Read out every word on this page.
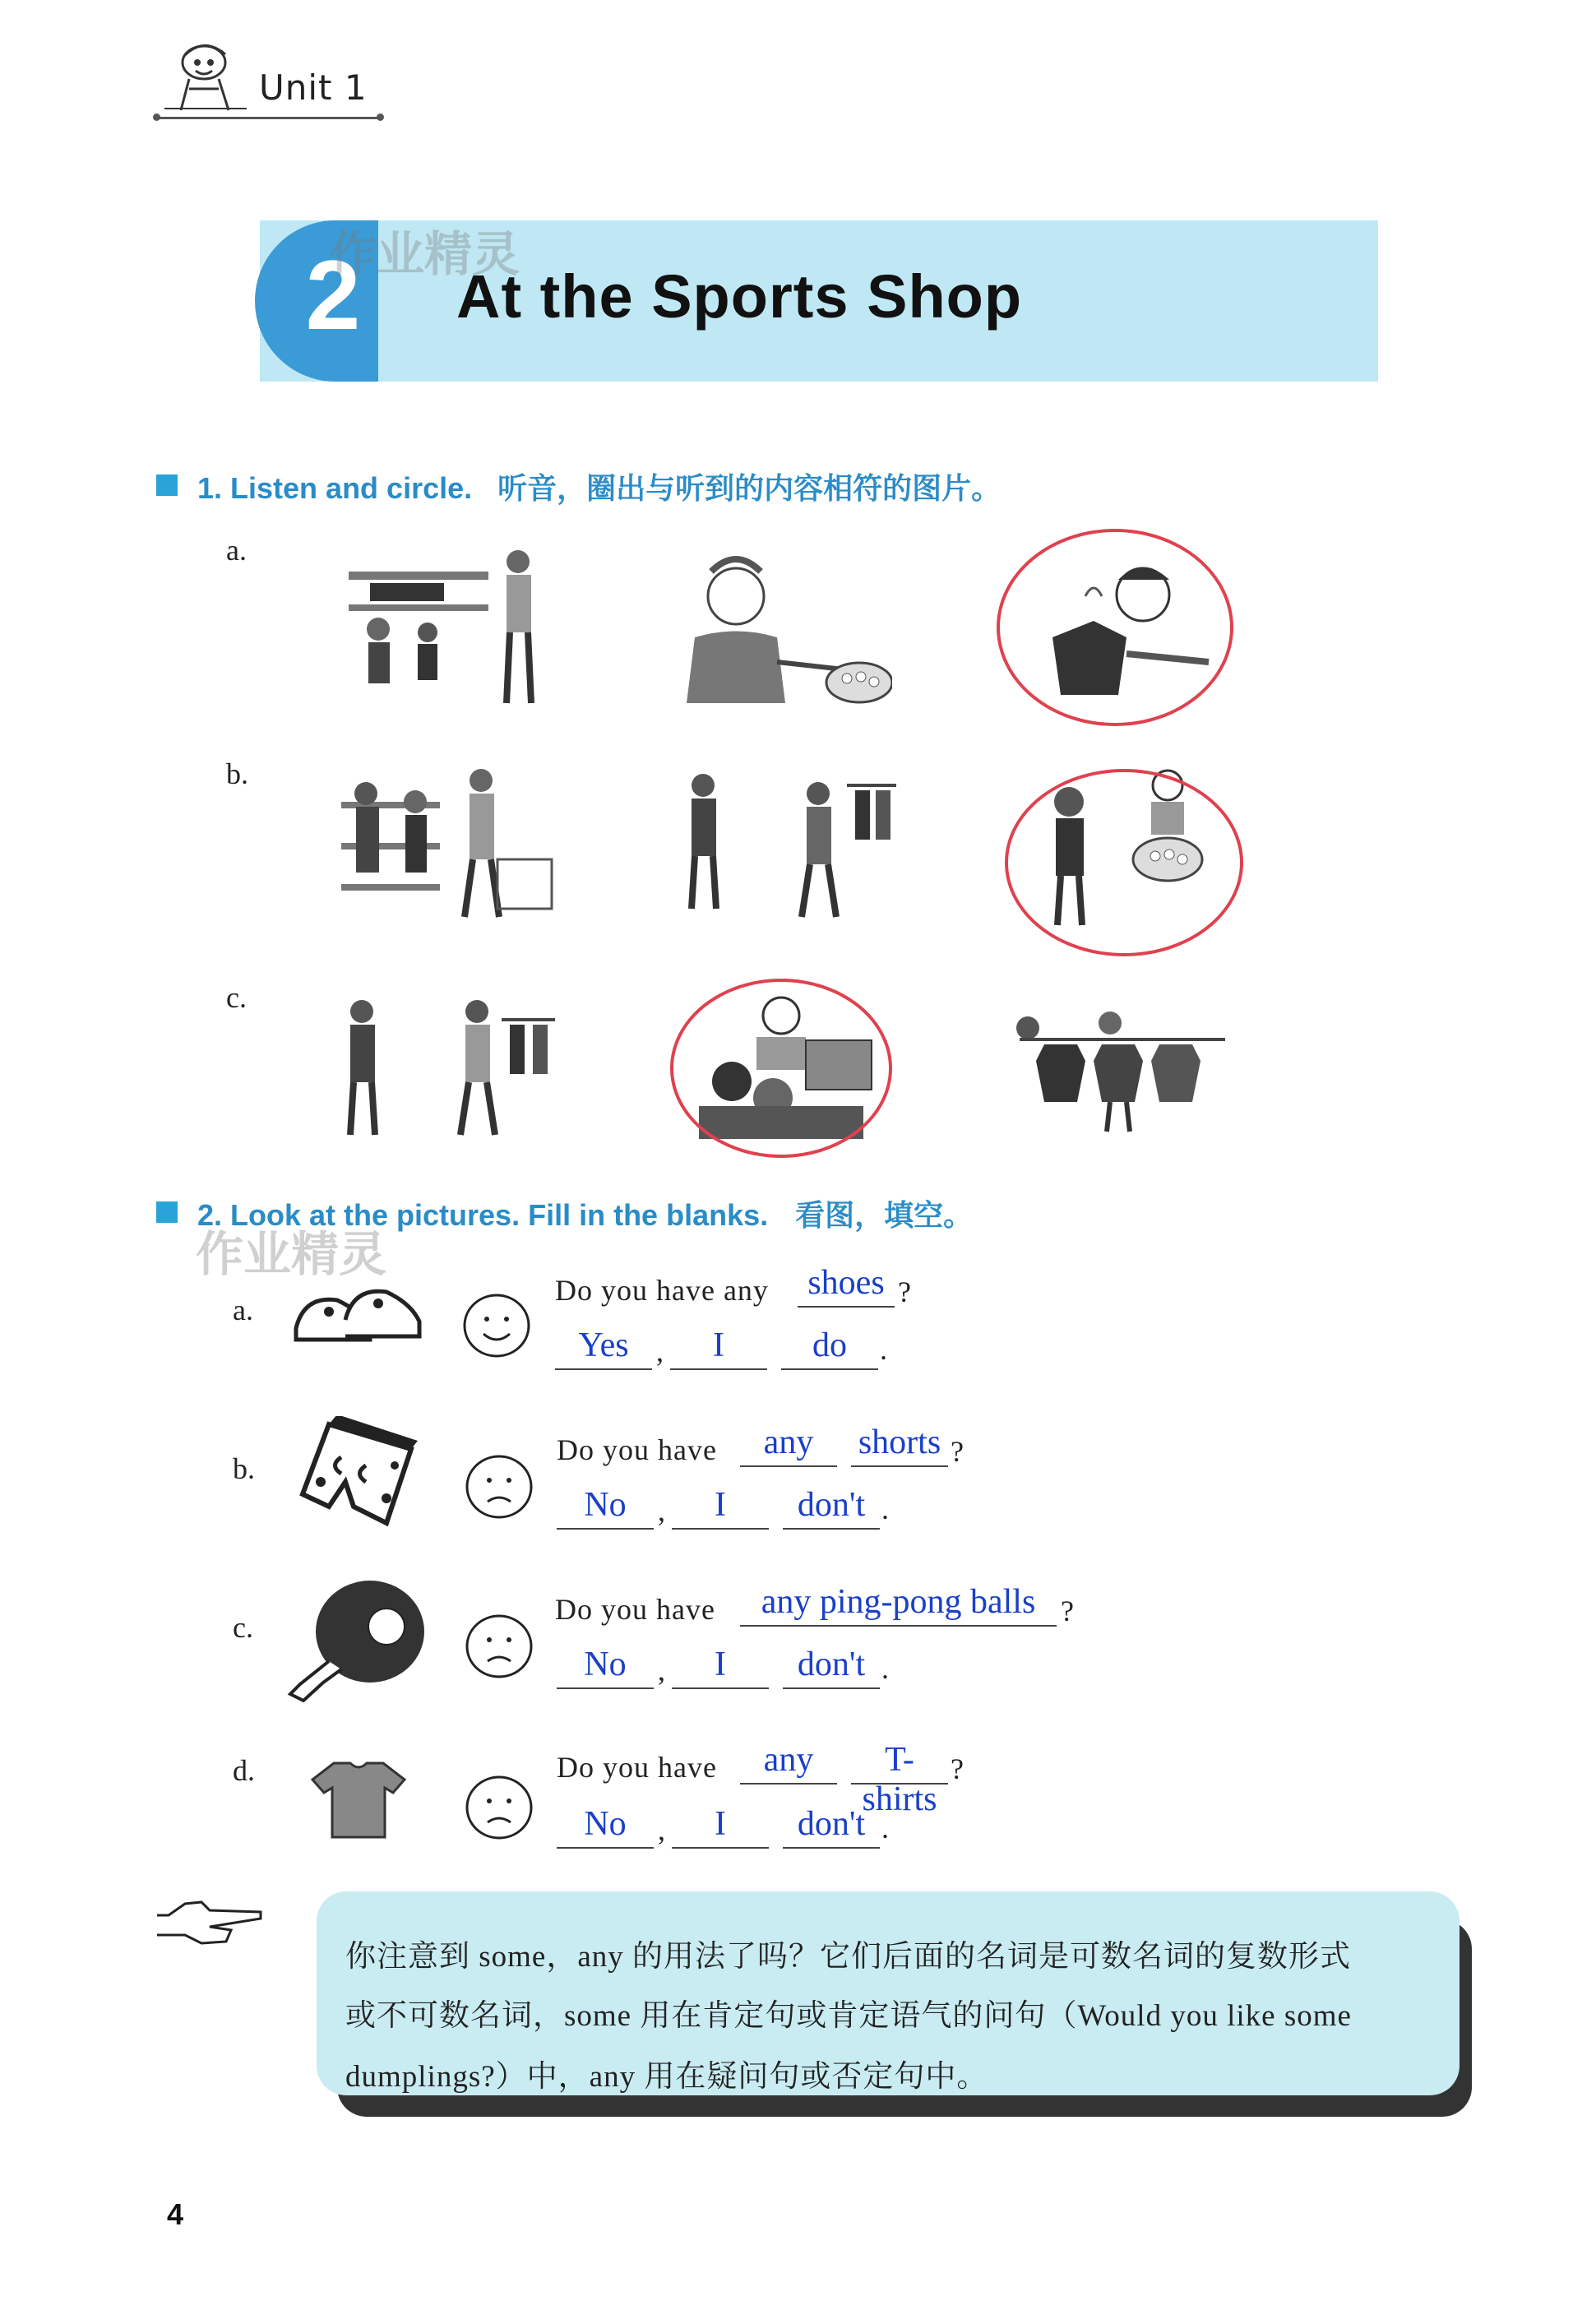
Unit 1
2	At the Sports Shop
作业精灵
1. Listen and circle. 听音，圈出与听到的内容相符的图片。
a.
b.
c.
2. Look at the pictures. Fill in the blanks. 看图，填空。
作业精灵
a.
Do you have any shoes ?
Yes ,	I	do	.
b.
Do you have	any	shorts ?
No	,	I	don't .
c.
Do you have	any ping-pong balls ?
No	,	I	don't .
d.	Do you have	any	T-shirts
?
No	,	I	don't .
你注意到 some，any 的用法了吗？它们后面的名词是可数名词的复数形式
或不可数名词，some 用在肯定句或肯定语气的问句（Would you like some
dumplings?）中，any 用在疑问句或否定句中。
4
